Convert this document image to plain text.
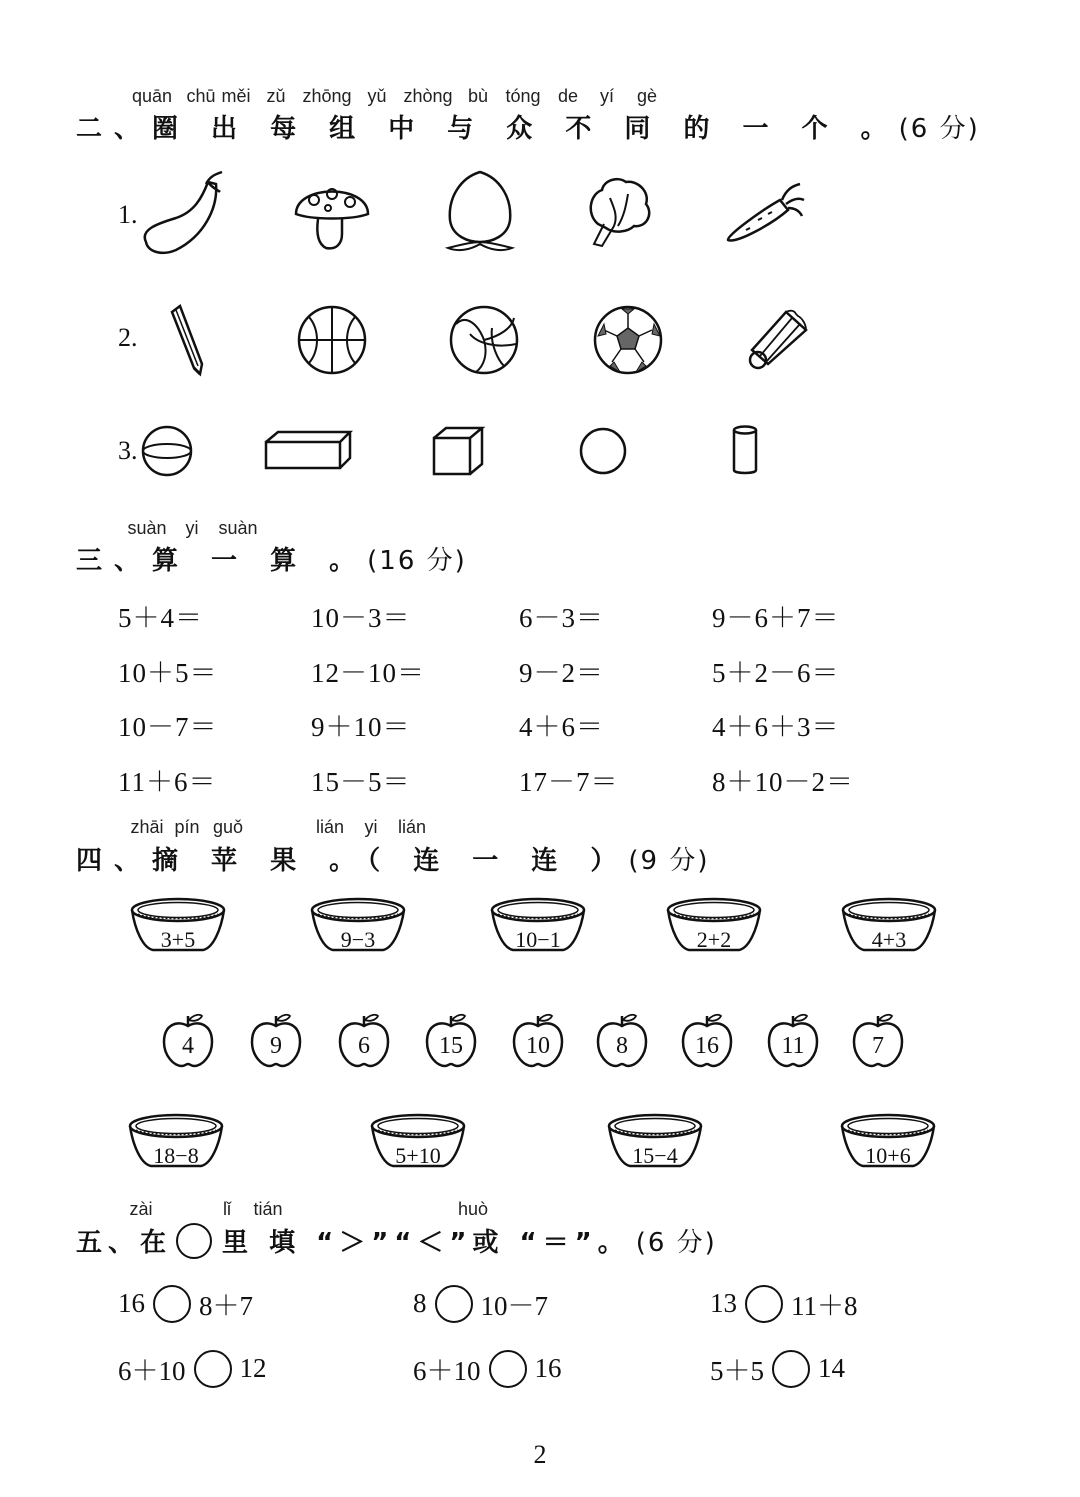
quān chū měi zǔ zhōng yǔ zhòng bù tóng de yí gè
二、圈 出 每 组 中 与 众 不 同 的 一 个 。(6 分)
1.
2.
3.
suàn yi suàn
三、算 一 算 。(16 分)
5＋4＝	10－3＝	6－3＝	9－6＋7＝
10＋5＝	12－10＝	9－2＝	5＋2－6＝
10－7＝	9＋10＝	4＋6＝	4＋6＋3＝
11＋6＝	15－5＝	17－7＝	8＋10－2＝
zhāi pín guǒ	lián yi lián
四、摘 苹 果 。（ 连 一 连 ）(9 分)
3+5	9−3	10−1	2+2	4+3
4	9	6	15	10	8	16	11	7
18−8	5+10	15−4	10+6
zài	lǐ tián	huò
五、在 里 填 “＞”“＜”或 “＝”。 (6 分)
16 8＋7	8 10－7	13 11＋8
6＋10 12	6＋10 16	5＋5 14
2
